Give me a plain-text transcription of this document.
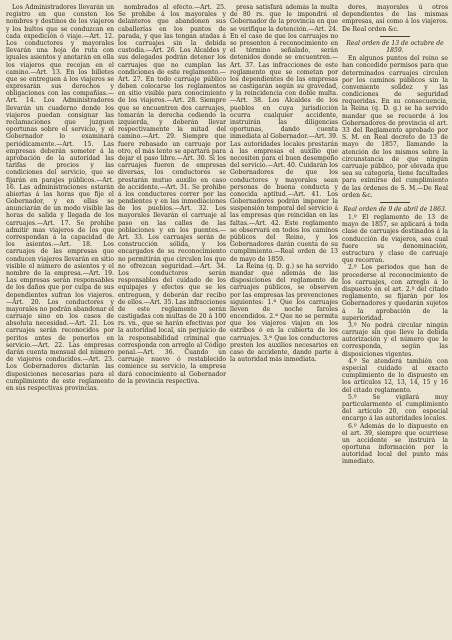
Los Administradores llevarán un registro en que consten los nombres y destinos de los viajeros y los bultos que se conduzcan en cada expedición ó viaje.—Art. 12. Los conductores y mayorales llevarán una hoja de ruta con iguales asientos y anotarán en ella los viajeros que recojan en el camino.—Art. 13. En los billetes que se entreguen á los viajeros se expresarán sus derechos y obligaciones con las compañías.—Art. 14. Los Administradores llevarán un cuaderno donde los viajeros puedan consignar las reclamaciones que juzguen oportunas sobre el servicio, y el Gobernador lo examinará periódicamente.—Art. 15. Las empresas deberán someter á la aprobación de la autoridad las tarifas de precios y las condiciones del servicio, que se fijarán en parajes públicos.—Art. 16. Las administraciones estarán abiertas á las horas que fije el Gobernador, y en ellas se anunciarán de un modo visible las horas de salida y llegada de los carruajes.—Art. 17. Se prohibe admitir mas viajeros de los que correspondan á la capacidad de los asientos.—Art. 18. Los carruajes de las empresas que conducen viajeros llevarán en sitio visible el número de asientos y el nombre de la empresa.—Art. 19. Las empresas serán responsables de los daños que por culpa de sus dependientes sufran los viajeros.—Art. 20. Los conductores y mayorales no podrán abandonar el carruaje sino en los casos de absoluta necesidad.—Art. 21. Los carruajes serán reconocidos por peritos antes de ponerlos en servicio.—Art. 22. Las empresas darán cuenta mensual del número de viajeros conducidos.—Art. 23. Los Gobernadores dictarán las disposiciones necesarias para el cumplimiento de este reglamento en sus respectivas provincias.

nombrados al efecto.—Art. 25. Se prohibe á los mayorales y delanteros que abandonen sus caballerías en los puntos de parada, y que las tengan atadas á los carruajes sin la debida custodia.—Art. 26. Los Alcaldes y sus delegados podrán detener los carruajes que no cumplan las condiciones de este reglamento.—Art. 27. En todo carruaje público deben colocarse los reglamentos en sitio visible para conocimiento de los viajeros.—Art. 28. Siempre que se encuentren dos carruajes, tomarán la derecha cediendo la izquierda, y deberán llevar respectivamente la mitad del camino.—Art. 29. Siempre que fuere rebasado un carruaje por otro, el más lento se apartará para dejar el paso libre.—Art. 30. Si los carruajes fueren de empresas diversas, los conductores se prestarán mutuo auxilio en caso de accidente.—Art. 31. Se prohibe á los conductores correr por las pendientes y en las inmediaciones de los pueblos.—Art. 32. Los mayorales llevarán el carruaje al paso en las calles de las poblaciones y en los puentes.—Art. 33. Los carruajes serán de construcción sólida, y los encargados de su reconocimiento no permitirán que circulen los que no ofrezcan seguridad.—Art. 34. Los conductores serán responsables del cuidado de los equipajes y efectos que se les entreguen, y deberán dar recibo de ellos.—Art. 35. Las infracciones de este reglamento serán castigadas con multas de 20 á 100 rs. vn., que se harán efectivas por la autoridad local, sin perjuicio de la responsabilidad criminal que corresponda con arreglo al Código penal.—Art. 36. Cuando un carruaje nuevo ó restablecido comience su servicio, la empresa dará conocimiento al Gobernador de la provincia respectiva.

presa satisfará además la multa de 80 rs. que le impondrá el Gobernador de la provincia en que se verifique la detención.—Art. 24. En el caso de que los carruajes no se presenten á reconocimiento en el término señalado, serán detenidos donde se encuentren.—Art. 37. Las infracciones de este reglamento que se cometan por los dependientes de las empresas se castigarán según su gravedad, y la reincidencia con doble multa.—Art. 38. Los Alcaldes de los pueblos en cuya jurisdicción ocurra cualquier accidente, instruirán las diligencias oportunas, dando cuenta inmediata al Gobernador.—Art. 39. Las autoridades locales prestarán á las empresas el auxilio que necesiten para el buen desempeño del servicio.—Art. 40. Cuidarán los Gobernadores de que los conductores y mayorales sean personas de buena conducta y conocida aptitud.—Art. 41. Los Gobernadores podrán imponer la suspensión temporal del servicio á las empresas que reincidan en las faltas.—Art. 42. Este reglamento se observará en todos los caminos públicos del Reino, y los Gobernadores darán cuenta de su cumplimiento.—Real orden de 13 de mayo de 1859.

La Reina (q. D. g.) se ha servido mandar que además de las disposiciones del reglamento de carruajes públicos, se observen por las empresas las prevenciones siguientes: 1.ª Que los carruajes lleven de noche faroles encendidos. 2.ª Que no se permita que los viajeros viajen en los estribos ó en la cubierta de los carruajes. 3.ª Que los conductores presten los auxilios necesarios en caso de accidente, dando parte á la autoridad más inmediata.

dores, mayorales ú otros dependientes de las mismas empresas, así como á los viajeros. De Real orden &c.

Real orden de 13 de octubre de 1859.

En algunos puntos del reino se han concedido permisos para que determinados carruajes circulen por los caminos públicos sin la conveniente solidez y las condiciones de seguridad requeridas. En su consecuencia, la Reina (q. D. g.) se ha servido mandar que se recuerde á los Gobernadores de provincia el art. 33 del Reglamento aprobado por S. M. en Real decreto de 13 de mayo de 1857, llamando la atención de los mismos sobre la circunstancia de que ningún carruaje público, por elevada que sea su categoría, tiene facultades para eximirse del cumplimiento de las órdenes de S. M.—De Real orden &c.

Real orden de 9 de abril de 1863.

1.º El reglamento de 13 de mayo de 1857, se aplicará á toda clase de carruajes destinados á la conducción de viajeros, sea cual fuere su denominación, estructura y clase de carruaje que recorran.

2.º Los periodos que han de procederse al reconocimiento de los carruajes, con arreglo á lo dispuesto en el art. 2.º del citado reglamento, se fijarán por los Gobernadores y quedarán sujetos á la aprobación de la superioridad.

3.º No podrá circular ningún carruaje sin que lleve la debida autorización y el número que le corresponda, según las disposiciones vigentes.

4.º Se atenderá también con especial cuidado al exacto cumplimiento de lo dispuesto en los artículos 12, 13, 14, 15 y 16 del citado reglamento.

5.º Se vigilará muy particularmente el cumplimiento del artículo 20, con especial encargo á las autoridades locales.

6.º Además de lo dispuesto en el art. 39, siempre que ocurriese un accidente se instruirá la oportuna información por la autoridad local del punto más inmediato.
